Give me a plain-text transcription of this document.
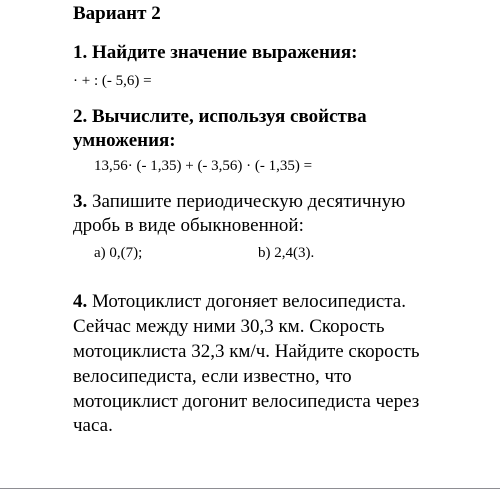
Вариант 2
1. Найдите значение выражения:
· + : (- 5,6) =
2. Вычислите, используя свойства
умножения:
13,56· (- 1,35) + (- 3,56) · (- 1,35) =
3. Запишите периодическую десятичную
дробь в виде обыкновенной:
a) 0,(7);	b) 2,4(3).
4. Мотоциклист догоняет велосипедиста.
Сейчас между ними 30,3 км. Скорость
мотоциклиста 32,3 км/ч. Найдите скорость
велосипедиста, если известно, что
мотоциклист догонит велосипедиста через
часа.
